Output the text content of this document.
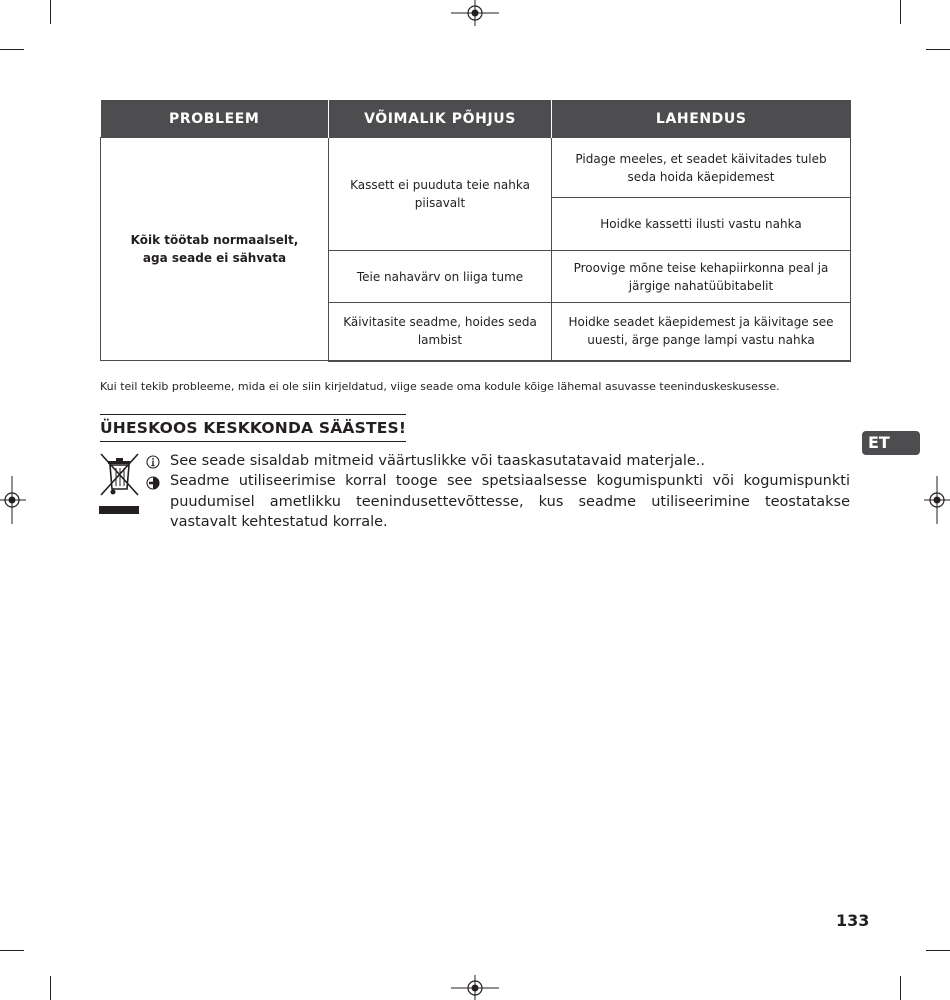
PROBLEEM	VÕIMALIK PÕHJUS	LAHENDUS
Kõik töötab normaalselt, aga seade ei sähvata	Kassett ei puuduta teie nahka piisavalt	Pidage meeles, et seadet käivitades tuleb seda hoida käepidemest
		Hoidke kassetti ilusti vastu nahka
	Teie nahavärv on liiga tume	Proovige mõne teise kehapiirkonna peal ja järgige nahatüübitabelit
	Käivitasite seadme, hoides seda lambist	Hoidke seadet käepidemest ja käivitage see uuesti, ärge pange lampi vastu nahka
Kui teil tekib probleeme, mida ei ole siin kirjeldatud, viige seade oma kodule kõige lähemal asuvasse teeninduskeskusesse.
ÜHESKOOS KESKKONDA SÄÄSTES!
See seade sisaldab mitmeid väärtuslikke või taaskasutatavaid materjale..
Seadme utiliseerimise korral tooge see spetsiaalsesse kogumispunkti või kogumispunkti puudumisel ametlikku teenindusettevõttesse, kus seadme utiliseerimine teostatakse vastavalt kehtestatud korrale.
ET
133
